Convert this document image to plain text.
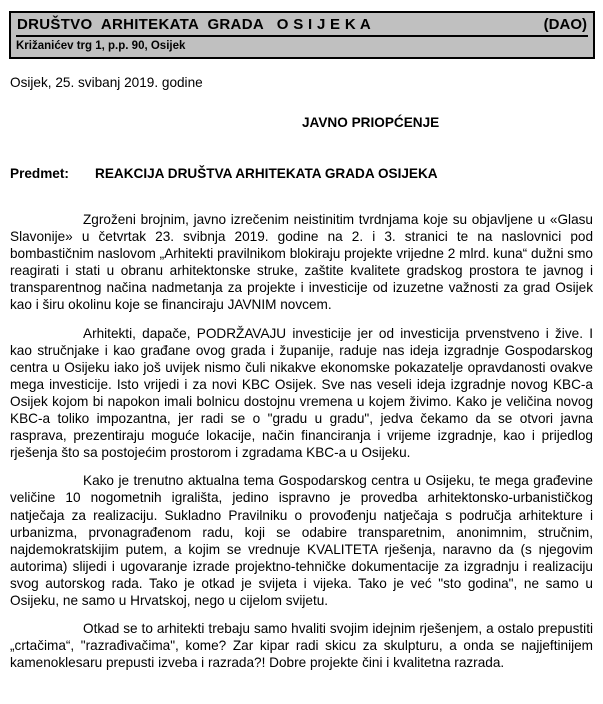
DRUŠTVO  ARHITEKATA  GRADA   O S I J E K A	(DAO)
Križanićev trg 1, p.p. 90, Osijek
Osijek, 25. svibanj 2019. godine
JAVNO PRIOPĆENJE
Predmet:	REAKCIJA DRUŠTVA ARHITEKATA GRADA OSIJEKA

Zgroženi brojnim, javno izrečenim neistinitim tvrdnjama koje su objavljene u «Glasu Slavonije» u četvrtak 23. svibnja 2019. godine na 2. i 3. stranici te na naslovnici pod bombastičnim naslovom „Arhitekti pravilnikom blokiraju projekte vrijedne 2 mlrd. kuna“ dužni smo reagirati i stati u obranu arhitektonske struke, zaštite kvalitete gradskog prostora te javnog i transparentnog načina nadmetanja za projekte i investicije od izuzetne važnosti za grad Osijek kao i širu okolinu koje se financiraju JAVNIM novcem.

Arhitekti, dapače, PODRŽAVAJU investicije jer od investicija prvenstveno i žive. I kao stručnjake i kao građane ovog grada i županije, raduje nas ideja izgradnje Gospodarskog centra u Osijeku iako još uvijek nismo čuli nikakve ekonomske pokazatelje opravdanosti ovakve mega investicije. Isto vrijedi i za novi KBC Osijek. Sve nas veseli ideja izgradnje novog KBC-a Osijek kojom bi napokon imali bolnicu dostojnu vremena u kojem živimo. Kako je veličina novog KBC-a toliko impozantna, jer radi se o "gradu u gradu", jedva čekamo da se otvori javna rasprava, prezentiraju moguće lokacije, način financiranja i vrijeme izgradnje, kao i prijedlog rješenja što sa postojećim prostorom i zgradama KBC-a u Osijeku.

Kako je trenutno aktualna tema Gospodarskog centra u Osijeku, te mega građevine veličine 10 nogometnih igrališta, jedino ispravno je provedba arhitektonsko-urbanističkog natječaja za realizaciju. Sukladno Pravilniku o provođenju natječaja s područja arhitekture i urbanizma, prvonagrađenom radu, koji se odabire transparetnim, anonimnim, stručnim, najdemokratskijim putem, a kojim se vrednuje KVALITETA rješenja, naravno da (s njegovim autorima) slijedi i ugovaranje izrade projektno-tehničke dokumentacije za izgradnju i realizaciju svog autorskog rada. Tako je otkad je svijeta i vijeka. Tako je već "sto godina", ne samo u Osijeku, ne samo u Hrvatskoj, nego u cijelom svijetu.

Otkad se to arhitekti trebaju samo hvaliti svojim idejnim rješenjem, a ostalo prepustiti „crtačima“, "razrađivačima", kome? Zar kipar radi skicu za skulpturu, a onda se najjeftinijem kamenoklesaru prepusti izveba i razrada?! Dobre projekte čini i kvalitetna razrada.
